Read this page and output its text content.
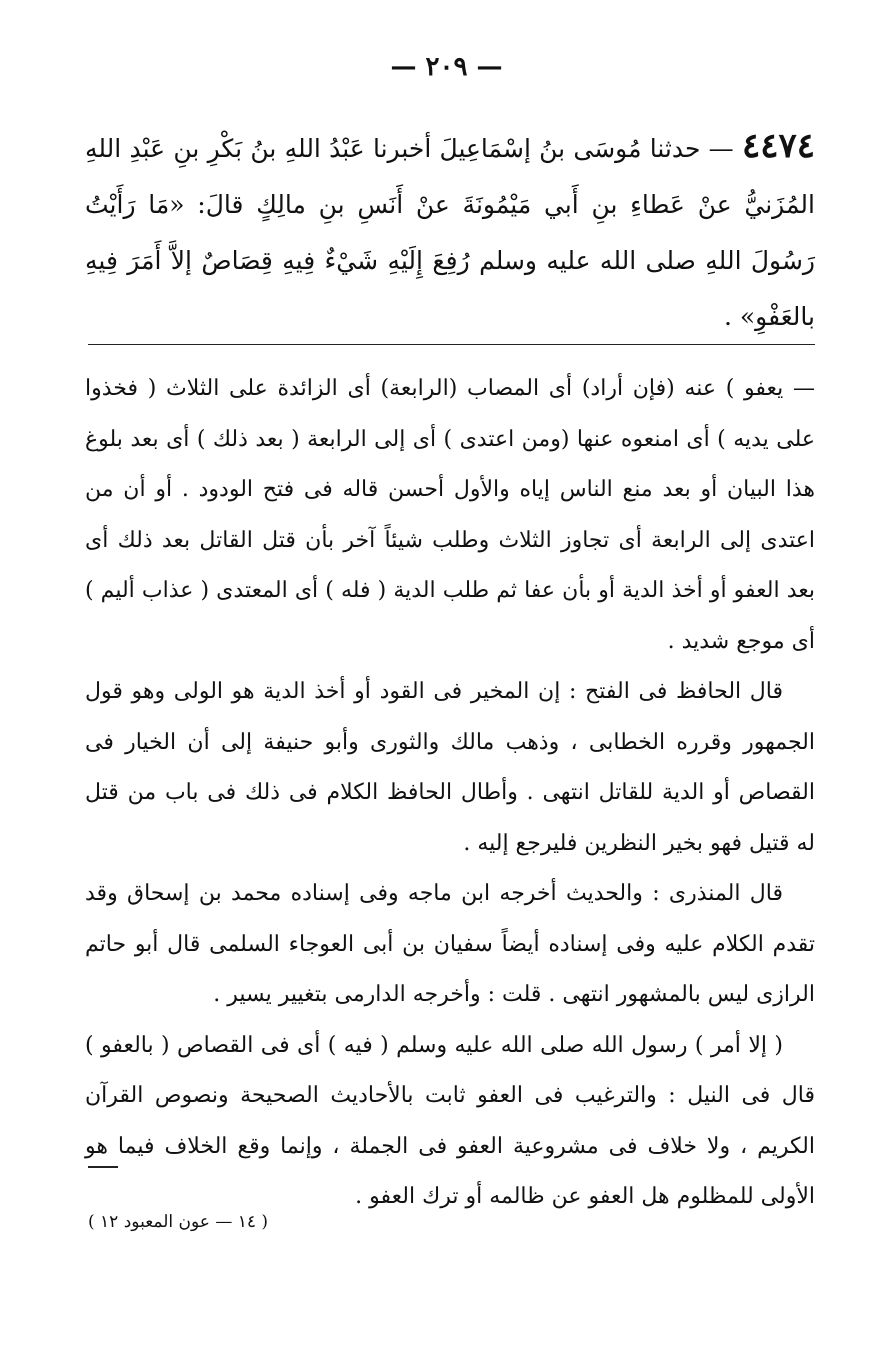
— ٢٠٩ —
٤٤٧٤ — حدثنا مُوسَى بنُ إسْمَاعِيلَ أخبرنا عَبْدُ اللهِ بنُ بَكْرِ بنِ عَبْدِ اللهِ المُزَنيُّ عنْ عَطاءِ بنِ أَبي مَيْمُونَةَ عنْ أَنَسِ بنِ مالِكٍ قالَ: «مَا رَأَيْتُ رَسُولَ اللهِ صلى الله عليه وسلم رُفِعَ إِلَيْهِ شَيْءٌ فِيهِ قِصَاصٌ إلاَّ أَمَرَ فِيهِ بالعَفْوِ» .

— يعفو ) عنه (فإن أراد) أى المصاب (الرابعة) أى الزائدة على الثلاث ( فخذوا على يديه ) أى امنعوه عنها (ومن اعتدى ) أى إلى الرابعة ( بعد ذلك ) أى بعد بلوغ هذا البيان أو بعد منع الناس إياه والأول أحسن قاله فى فتح الودود . أو أن من اعتدى إلى الرابعة أى تجاوز الثلاث وطلب شيئاً آخر بأن قتل القاتل بعد ذلك أى بعد العفو أو أخذ الدية أو بأن عفا ثم طلب الدية ( فله ) أى المعتدى ( عذاب أليم ) أى موجع شديد .

قال الحافظ فى الفتح : إن المخير فى القود أو أخذ الدية هو الولى وهو قول الجمهور وقرره الخطابى ، وذهب مالك والثورى وأبو حنيفة إلى أن الخيار فى القصاص أو الدية للقاتل انتهى . وأطال الحافظ الكلام فى ذلك فى باب من قتل له قتيل فهو بخير النظرين فليرجع إليه .

قال المنذرى : والحديث أخرجه ابن ماجه وفى إسناده محمد بن إسحاق وقد تقدم الكلام عليه وفى إسناده أيضاً سفيان بن أبى العوجاء السلمى قال أبو حاتم الرازى ليس بالمشهور انتهى . قلت : وأخرجه الدارمى بتغيير يسير .

( إلا أمر ) رسول الله صلى الله عليه وسلم ( فيه ) أى فى القصاص ( بالعفو ) قال فى النيل : والترغيب فى العفو ثابت بالأحاديث الصحيحة ونصوص القرآن الكريم ، ولا خلاف فى مشروعية العفو فى الجملة ، وإنما وقع الخلاف فيما هو الأولى للمظلوم هل العفو عن ظالمه أو ترك العفو .

( ١٤ — عون المعبود ١٢ )
